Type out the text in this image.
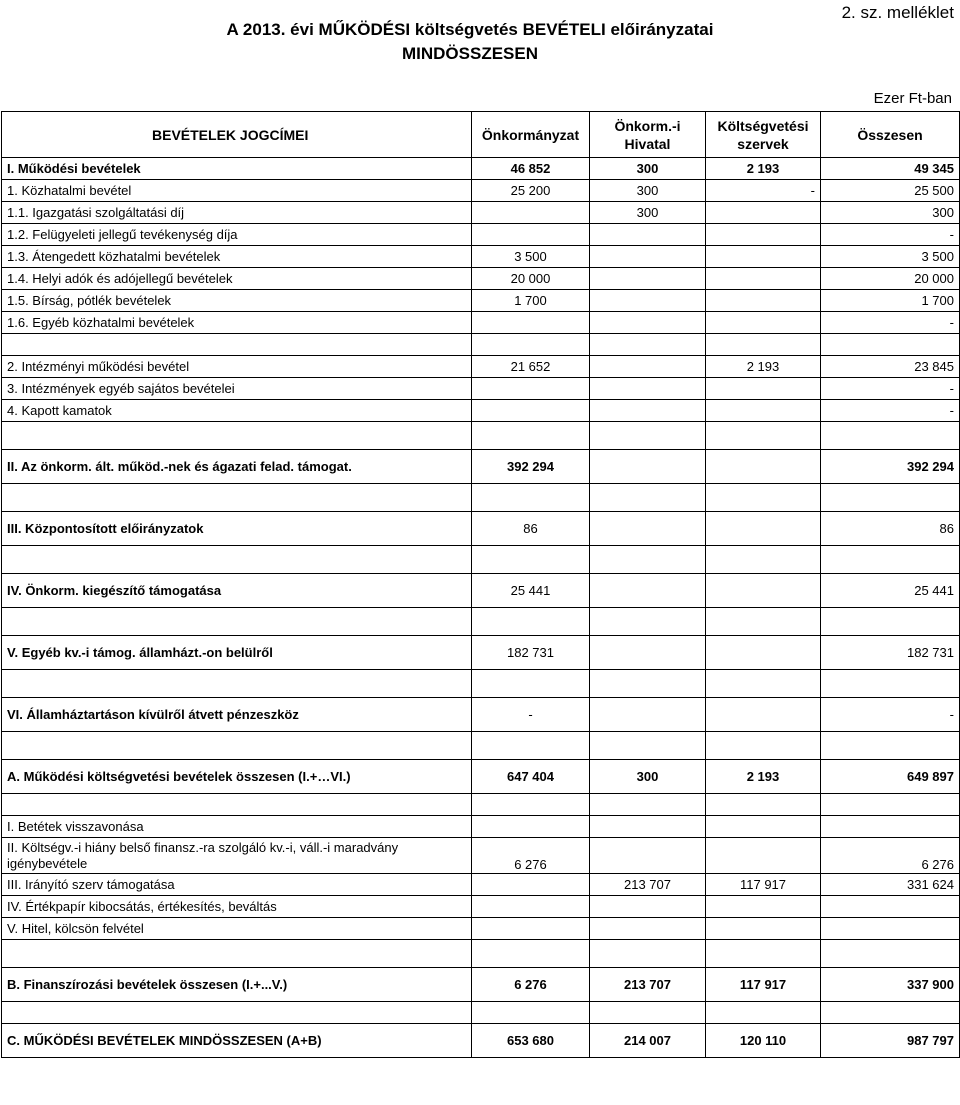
A 2013. évi MŰKÖDÉSI költségvetés BEVÉTELI előirányzatai
MINDÖSSZESEN
2. sz. melléklet
Ezer Ft-ban
BEVÉTELEK JOGCÍMEI	Önkormányzat	Önkorm.-i Hivatal	Költségvetési szervek	Összesen
I. Működési bevételek	46 852	300	2 193	49 345
1. Közhatalmi bevétel	25 200	300	-	25 500
1.1. Igazgatási szolgáltatási díj		300		300
1.2. Felügyeleti jellegű tevékenység díja				-
1.3. Átengedett közhatalmi bevételek	3 500			3 500
1.4. Helyi adók és adójellegű bevételek	20 000			20 000
1.5. Bírság, pótlék bevételek	1 700			1 700
1.6. Egyéb közhatalmi bevételek				-

2. Intézményi működési bevétel	21 652		2 193	23 845
3. Intézmények egyéb sajátos bevételei				-
4. Kapott kamatok				-

II. Az önkorm. ált. működ.-nek és ágazati felad. támogat.	392 294			392 294

III. Központosított előirányzatok	86			86

IV. Önkorm. kiegészítő támogatása	25 441			25 441

V. Egyéb kv.-i támog. államházt.-on belülről	182 731			182 731

VI. Államháztartáson kívülről átvett pénzeszköz	-			-

A. Működési költségvetési bevételek összesen (I.+…VI.)	647 404	300	2 193	649 897

I. Betétek visszavonása				
II. Költségv.-i hiány belső finansz.-ra szolgáló kv.-i, váll.-i maradvány igénybevétele	6 276			6 276
III. Irányító szerv támogatása		213 707	117 917	331 624
IV. Értékpapír kibocsátás, értékesítés, beváltás				
V. Hitel, kölcsön felvétel				

B. Finanszírozási bevételek összesen (I.+...V.)	6 276	213 707	117 917	337 900

C. MŰKÖDÉSI BEVÉTELEK MINDÖSSZESEN (A+B)	653 680	214 007	120 110	987 797
